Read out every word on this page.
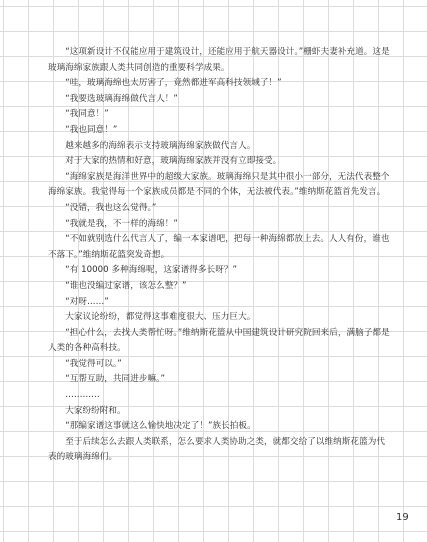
“这项新设计不仅能应用于建筑设计，还能应用于航天器设计。”栅虾夫妻补充道。这是玻璃海绵家族跟人类共同创造的重要科学成果。

“哇，玻璃海绵也太厉害了，竟然都进军高科技领域了！”

“我要选玻璃海绵做代言人！”

“我同意！”

“我也同意！”

越来越多的海绵表示支持玻璃海绵家族做代言人。

对于大家的热情和好意，玻璃海绵家族并没有立即接受。

“海绵家族是海洋世界中的超级大家族。玻璃海绵只是其中很小一部分，无法代表整个海绵家族。我觉得每一个家族成员都是不同的个体，无法被代表。”维纳斯花篮首先发言。

“没错，我也这么觉得。”

“我就是我，不一样的海绵！”

“不如就别选什么代言人了，编一本家谱吧，把每一种海绵都放上去。人人有份，谁也不落下。”维纳斯花篮突发奇想。

“有 10000 多种海绵呢，这家谱得多长呀？”

“谁也没编过家谱，该怎么整？”

“对呀……”

大家议论纷纷，都觉得这事难度很大、压力巨大。

“担心什么，去找人类帮忙呀。”维纳斯花篮从中国建筑设计研究院回来后，满脑子都是人类的各种高科技。

“我觉得可以。”

“互帮互助，共同进步嘛。”

…………

大家纷纷附和。

“那编家谱这事就这么愉快地决定了！”族长拍板。

至于后续怎么去跟人类联系，怎么要求人类协助之类，就都交给了以维纳斯花篮为代表的玻璃海绵们。

19
